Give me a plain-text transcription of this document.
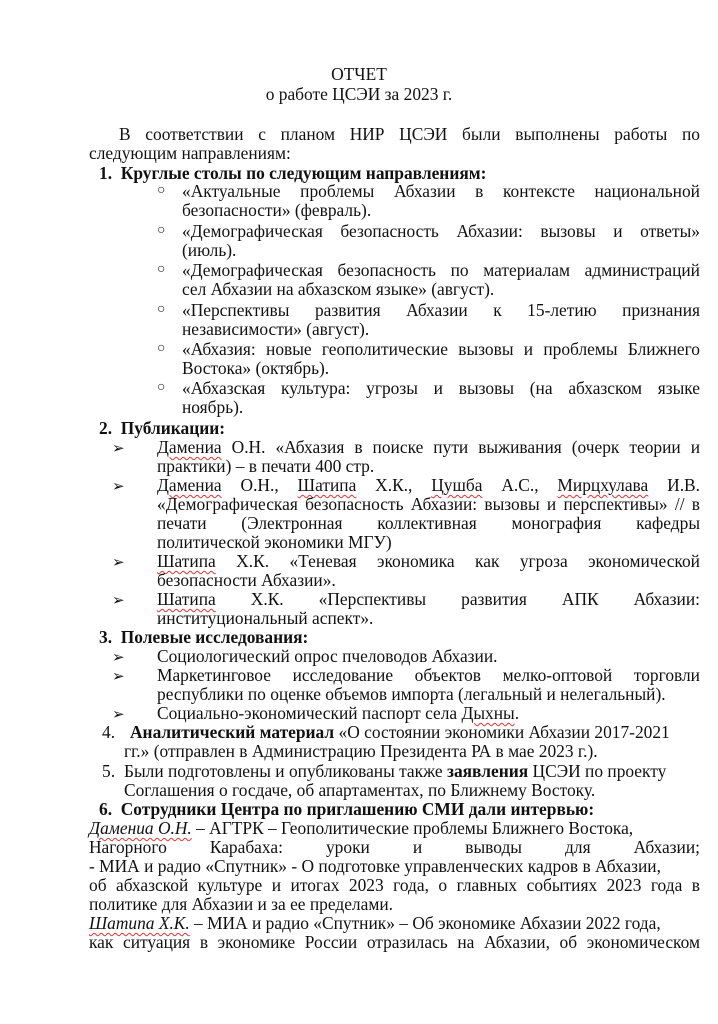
ОТЧЕТ
о работе ЦСЭИ за 2023 г.
В соответствии с планом НИР ЦСЭИ были выполнены работы по
следующим направлениям:
1. Круглые столы по следующим направлениям:
○ «Актуальные проблемы Абхазии в контексте национальной
безопасности» (февраль).
○ «Демографическая безопасность Абхазии: вызовы и ответы»
(июль).
○ «Демографическая безопасность по материалам администраций
сел Абхазии на абхазском языке» (август).
○ «Перспективы развития Абхазии к 15-летию признания
независимости» (август).
○ «Абхазия: новые геополитические вызовы и проблемы Ближнего
Востока» (октябрь).
○ «Абхазская культура: угрозы и вызовы (на абхазском языке
ноябрь).
2. Публикации:
➢ Дамениа О.Н. «Абхазия в поиске пути выживания (очерк теории и
практики) – в печати 400 стр.
➢ Дамениа О.Н., Шатипа Х.К., Цушба А.С., Мирцхулава И.В.
«Демографическая безопасность Абхазии: вызовы и перспективы» // в
печати (Электронная коллективная монография кафедры
политической экономики МГУ)
➢ Шатипа Х.К. «Теневая экономика как угроза экономической
безопасности Абхазии».
➢ Шатипа Х.К. «Перспективы развития АПК Абхазии:
институциональный аспект».
3. Полевые исследования:
➢ Социологический опрос пчеловодов Абхазии.
➢ Маркетинговое исследование объектов мелко-оптовой торговли
республики по оценке объемов импорта (легальный и нелегальный).
➢ Социально-экономический паспорт села Дыхны.
4. Аналитический материал «О состоянии экономики Абхазии 2017-2021
гг.» (отправлен в Администрацию Президента РА в мае 2023 г.).
5. Были подготовлены и опубликованы также заявления ЦСЭИ по проекту
Соглашения о госдаче, об апартаментах, по Ближнему Востоку.
6. Сотрудники Центра по приглашению СМИ дали интервью:
Дамениа О.Н. – АГТРК – Геополитические проблемы Ближнего Востока,
Нагорного Карабаха: уроки и выводы для Абхазии;
- МИА и радио «Спутник» - О подготовке управленческих кадров в Абхазии,
об абхазской культуре и итогах 2023 года, о главных событиях 2023 года в
политике для Абхазии и за ее пределами.
Шатипа Х.К. – МИА и радио «Спутник» – Об экономике Абхазии 2022 года,
как ситуация в экономике России отразилась на Абхазии, об экономическом
